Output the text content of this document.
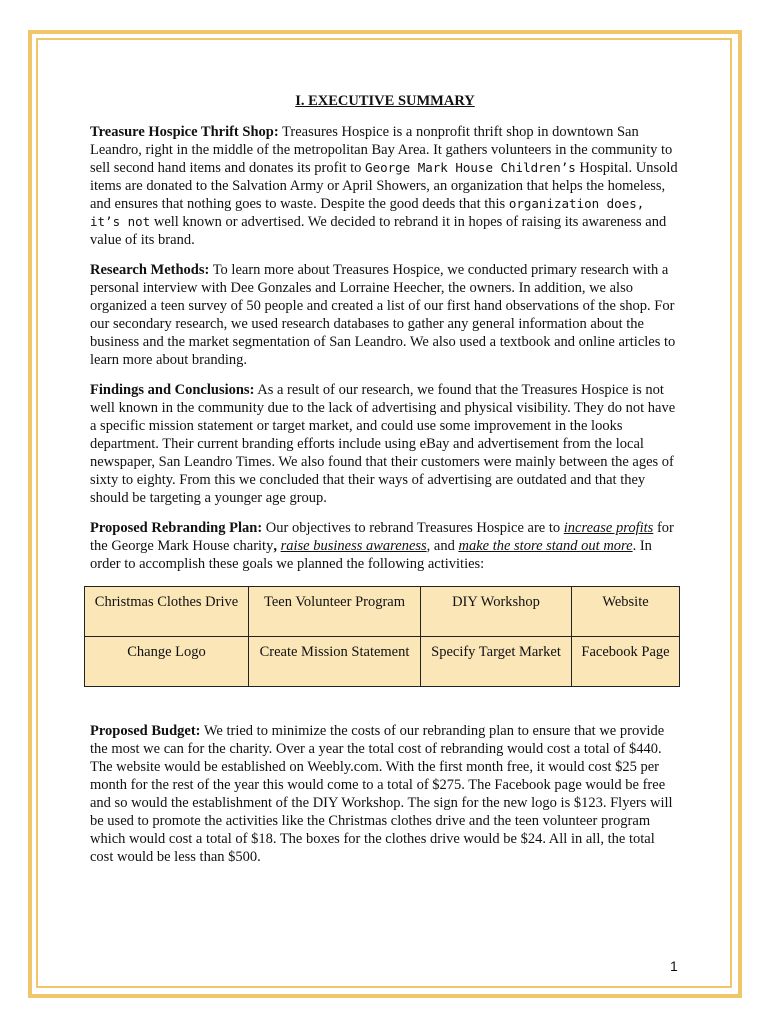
I. EXECUTIVE SUMMARY

Treasure Hospice Thrift Shop: Treasures Hospice is a nonprofit thrift shop in downtown San Leandro, right in the middle of the metropolitan Bay Area. It gathers volunteers in the community to sell second hand items and donates its profit to George Mark House Children’s Hospital. Unsold items are donated to the Salvation Army or April Showers, an organization that helps the homeless, and ensures that nothing goes to waste. Despite the good deeds that this organization does, it’s not well known or advertised. We decided to rebrand it in hopes of raising its awareness and value of its brand.

Research Methods: To learn more about Treasures Hospice, we conducted primary research with a personal interview with Dee Gonzales and Lorraine Heecher, the owners. In addition, we also organized a teen survey of 50 people and created a list of our first hand observations of the shop. For our secondary research, we used research databases to gather any general information about the business and the market segmentation of San Leandro. We also used a textbook and online articles to learn more about branding.

Findings and Conclusions: As a result of our research, we found that the Treasures Hospice is not well known in the community due to the lack of advertising and physical visibility. They do not have a specific mission statement or target market, and could use some improvement in the looks department. Their current branding efforts include using eBay and advertisement from the local newspaper, San Leandro Times. We also found that their customers were mainly between the ages of sixty to eighty. From this we concluded that their ways of advertising are outdated and that they should be targeting a younger age group.

Proposed Rebranding Plan: Our objectives to rebrand Treasures Hospice are to increase profits for the George Mark House charity, raise business awareness, and make the store stand out more. In order to accomplish these goals we planned the following activities:

Christmas Clothes Drive	Teen Volunteer Program	DIY Workshop	Website
Change Logo	Create Mission Statement	Specify Target Market	Facebook Page

Proposed Budget: We tried to minimize the costs of our rebranding plan to ensure that we provide the most we can for the charity. Over a year the total cost of rebranding would cost a total of $440. The website would be established on Weebly.com. With the first month free, it would cost $25 per month for the rest of the year this would come to a total of $275. The Facebook page would be free and so would the establishment of the DIY Workshop. The sign for the new logo is $123. Flyers will be used to promote the activities like the Christmas clothes drive and the teen volunteer program which would cost a total of $18. The boxes for the clothes drive would be $24. All in all, the total cost would be less than $500.

1
